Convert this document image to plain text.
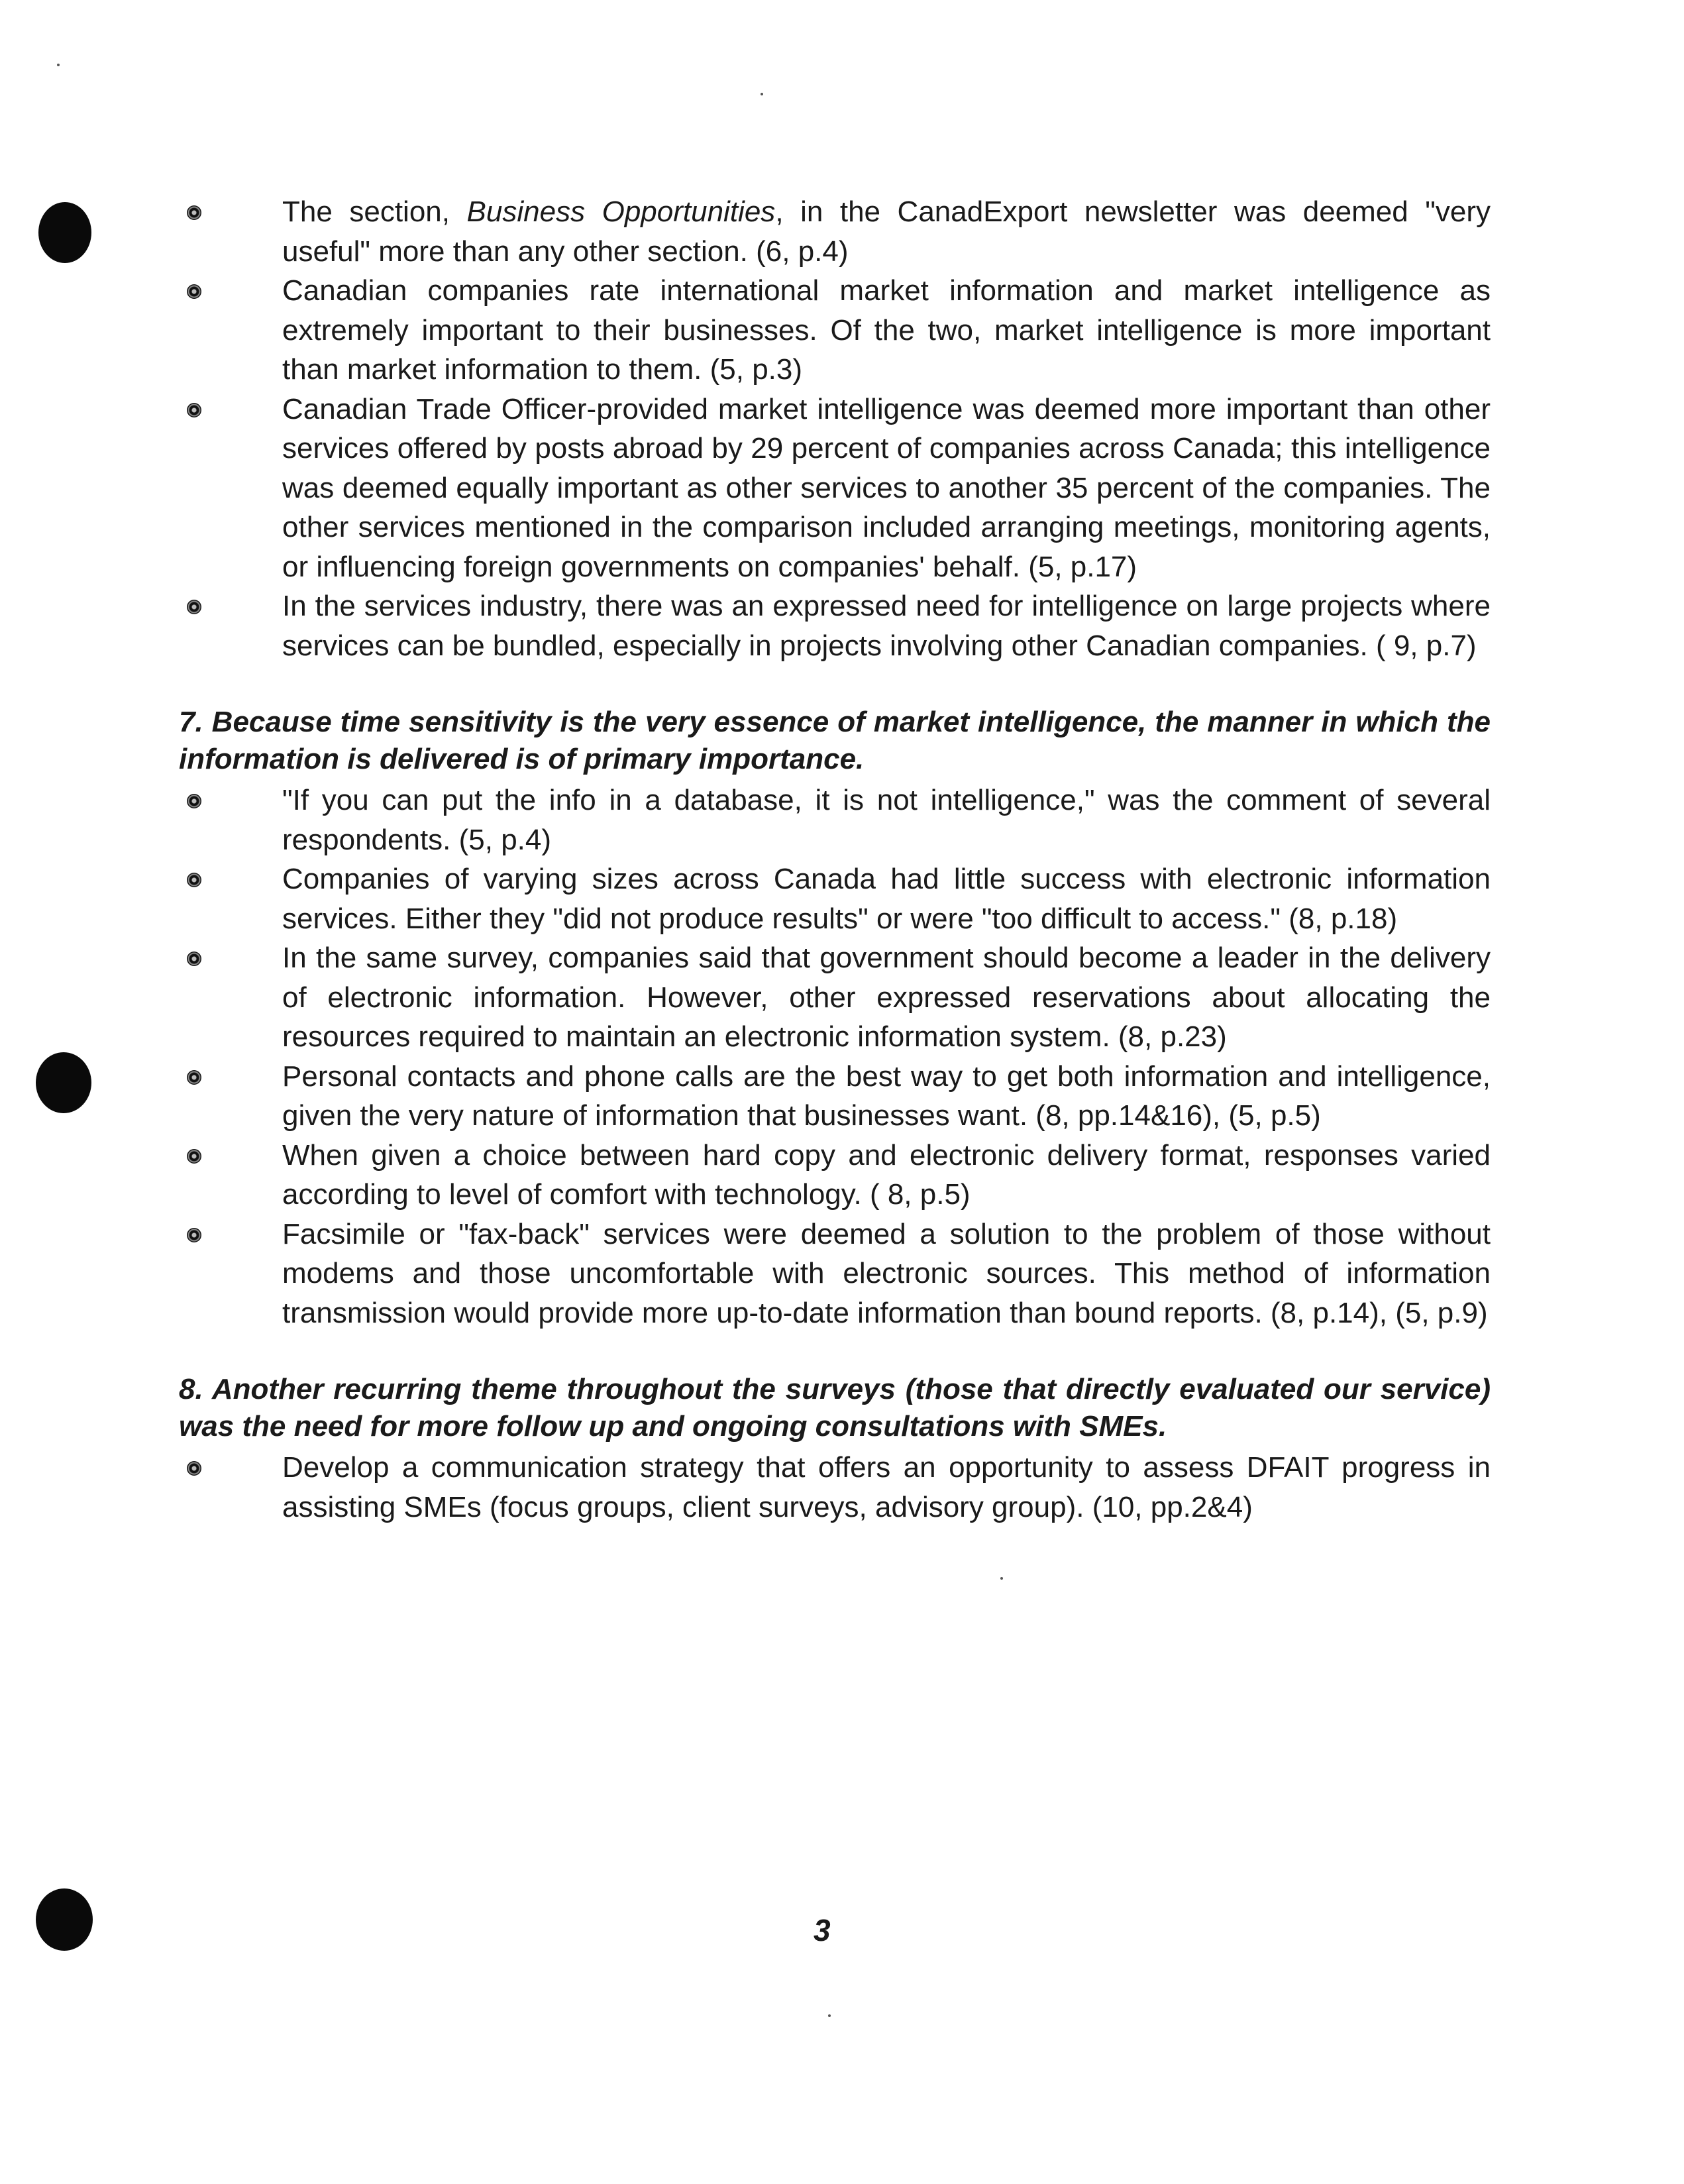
The section, Business Opportunities, in the CanadExport newsletter was deemed "very useful" more than any other section. (6, p.4)
Canadian companies rate international market information and market intelligence as extremely important to their businesses. Of the two, market intelligence is more important than market information to them. (5, p.3)
Canadian Trade Officer-provided market intelligence was deemed more important than other services offered by posts abroad by 29 percent of companies across Canada; this intelligence was deemed equally important as other services to another 35 percent of the companies. The other services mentioned in the comparison included arranging meetings, monitoring agents, or influencing foreign governments on companies' behalf. (5, p.17)
In the services industry, there was an expressed need for intelligence on large projects where services can be bundled, especially in projects involving other Canadian companies. ( 9, p.7)

7. Because time sensitivity is the very essence of market intelligence, the manner in which the information is delivered is of primary importance.

"If you can put the info in a database, it is not intelligence," was the comment of several respondents. (5, p.4)
Companies of varying sizes across Canada had little success with electronic information services. Either they "did not produce results" or were "too difficult to access." (8, p.18)
In the same survey, companies said that government should become a leader in the delivery of electronic information. However, other expressed reservations about allocating the resources required to maintain an electronic information system. (8, p.23)
Personal contacts and phone calls are the best way to get both information and intelligence, given the very nature of information that businesses want. (8, pp.14&16), (5, p.5)
When given a choice between hard copy and electronic delivery format, responses varied according to level of comfort with technology. ( 8, p.5)
Facsimile or "fax-back" services were deemed a solution to the problem of those without modems and those uncomfortable with electronic sources. This method of information transmission would provide more up-to-date information than bound reports. (8, p.14), (5, p.9)

8. Another recurring theme throughout the surveys (those that directly evaluated our service) was the need for more follow up and ongoing consultations with SMEs.

Develop a communication strategy that offers an opportunity to assess DFAIT progress in assisting SMEs (focus groups, client surveys, advisory group). (10, pp.2&4)
3
